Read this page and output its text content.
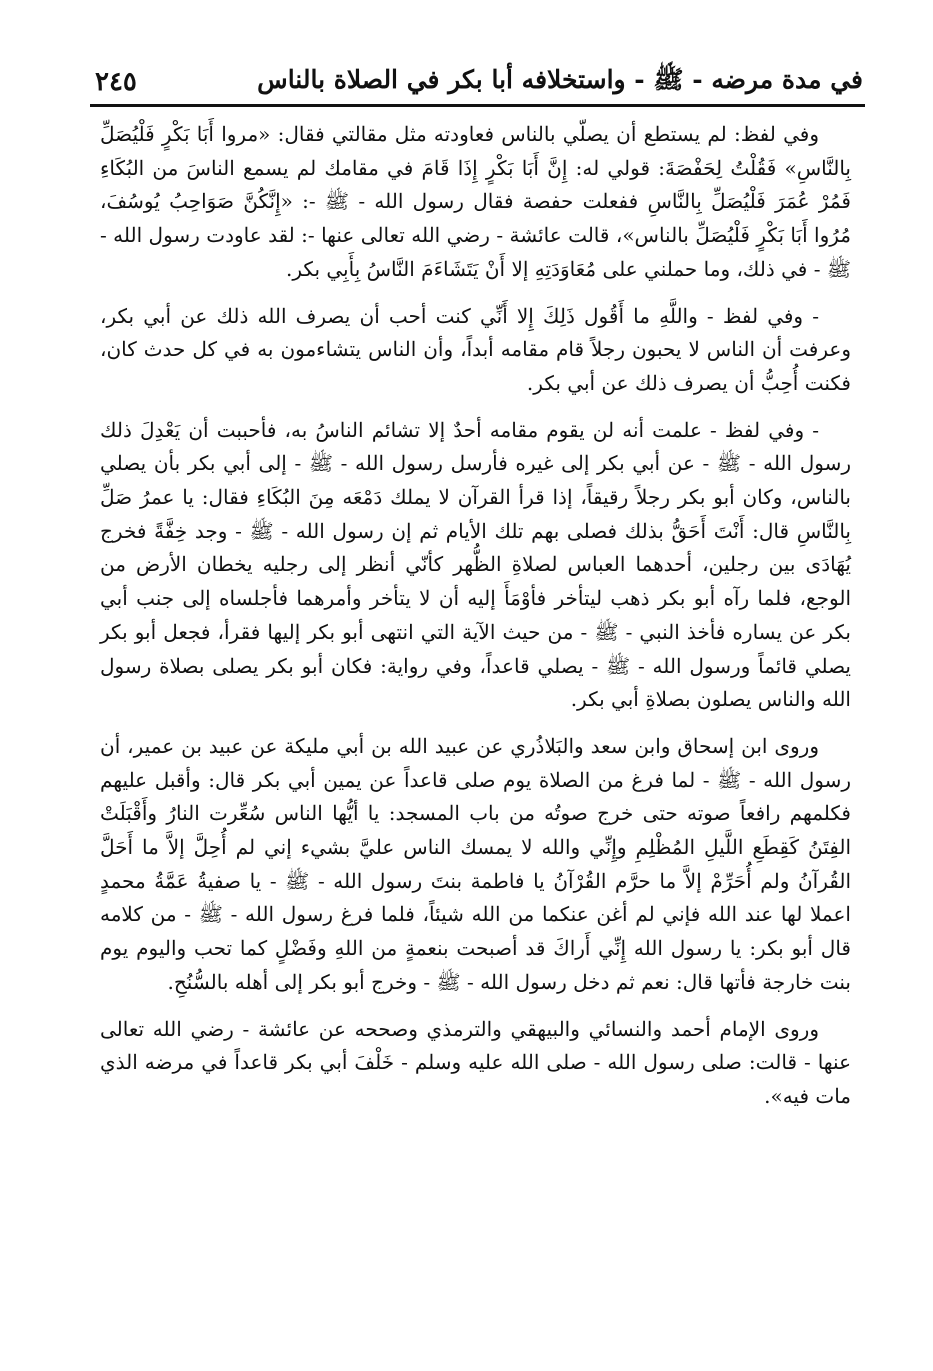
في مدة مرضه - ﷺ - واستخلافه أبا بكر في الصلاة بالناس
٢٤٥

وفي لفظ: لم يستطع أن يصلّي بالناس فعاودته مثل مقالتي فقال: «مروا أَبَا بَكْرٍ فَلْيُصَلِّ بِالنَّاسِ» فَقُلْتُ لِحَفْصَةَ: قولي له: إِنَّ أَبَا بَكْرٍ إِذَا قَامَ في مقامك لم يسمع الناسَ من البُكَاءِ فَمُرْ عُمَرَ فَلْيُصَلِّ بِالنَّاسِ ففعلت حفصة فقال رسول الله - ﷺ -: «إِنَّكُنَّ صَوَاحِبُ يُوسُفَ، مُرُوا أَبَا بَكْرٍ فَلْيُصَلِّ بالناس»، قالت عائشة - رضي الله تعالى عنها -: لقد عاودت رسول الله - ﷺ - في ذلك، وما حملني على مُعَاوَدَتِهِ إلا أَنْ يَتَشَاءَمَ النَّاسُ بِأَبِي بكر.

- وفي لفظ - واللَّهِ ما أَقُول ذَلِكَ إِلا أَنِّي كنت أحب أن يصرف الله ذلك عن أبي بكر، وعرفت أن الناس لا يحبون رجلاً قام مقامه أبداً، وأن الناس يتشاءمون به في كل حدث كان، فكنت أُحِبُّ أن يصرف ذلك عن أبي بكر.

- وفي لفظ - علمت أنه لن يقوم مقامه أحدٌ إلا تشائم الناسُ به، فأحببت أن يَعْدِلَ ذلك رسول الله - ﷺ - عن أبي بكر إلى غيره فأرسل رسول الله - ﷺ - إلى أبي بكر بأن يصلي بالناس، وكان أبو بكر رجلاً رقيقاً، إذا قرأ القرآن لا يملك دَمْعَه مِنَ البُكَاءِ فقال: يا عمرُ صَلِّ بِالنَّاسِ قال: أَنْتَ أَحَقُّ بذلك فصلى بهم تلك الأيام ثم إن رسول الله - ﷺ - وجد خِفَّةً فخرج يُهَادَى بين رجلين، أحدهما العباس لصلاةِ الظُّهر كأنّي أنظر إلى رجليه يخطان الأرض من الوجع، فلما رآه أبو بكر ذهب ليتأخر فأوْمَأَ إليه أن لا يتأخر وأمرهما فأجلساه إلى جنب أبي بكر عن يساره فأخذ النبي - ﷺ - من حيث الآية التي انتهى أبو بكر إليها فقرأ، فجعل أبو بكر يصلي قائماً ورسول الله - ﷺ - يصلي قاعداً، وفي رواية: فكان أبو بكر يصلى بصلاة رسول الله والناس يصلون بصلاةِ أبي بكر.

وروى ابن إسحاق وابن سعد والبَلاذُري عن عبيد الله بن أبي مليكة عن عبيد بن عمير، أن رسول الله - ﷺ - لما فرغ من الصلاة يوم صلى قاعداً عن يمين أبي بكر قال: وأقبل عليهم فكلمهم رافعاً صوته حتى خرج صوتُه من باب المسجد: يا أيُّها الناس سُعِّرت النارُ وأَقْبَلَتْ الفِتَنُ كَقِطَعِ اللَّيلِ المُظْلِمِ وإِنِّي والله لا يمسك الناس عليَّ بشيء إني لم أُحِلَّ إلاَّ ما أَحَلَّ القُرآنُ ولم أُحَرِّمْ إلاَّ ما حرَّم القُرْآنُ يا فاطمة بنتَ رسول الله - ﷺ - يا صفيةُ عَمَّةُ محمدٍ اعملا لها عند الله فإني لم أغن عنكما من الله شيئاً، فلما فرغ رسول الله - ﷺ - من كلامه قال أبو بكر: يا رسول الله إِنِّي أَراكَ قد أصبحت بنعمةٍ من اللهِ وفَضْلٍ كما تحب واليوم يوم بنت خارجة فأتها قال: نعم ثم دخل رسول الله - ﷺ - وخرج أبو بكر إلى أهله بالسُّنُحِ.

وروى الإمام أحمد والنسائي والبيهقي والترمذي وصححه عن عائشة - رضي الله تعالى عنها - قالت: صلى رسول الله - صلى الله عليه وسلم - خَلْفَ أبي بكر قاعداً في مرضه الذي مات فيه».
